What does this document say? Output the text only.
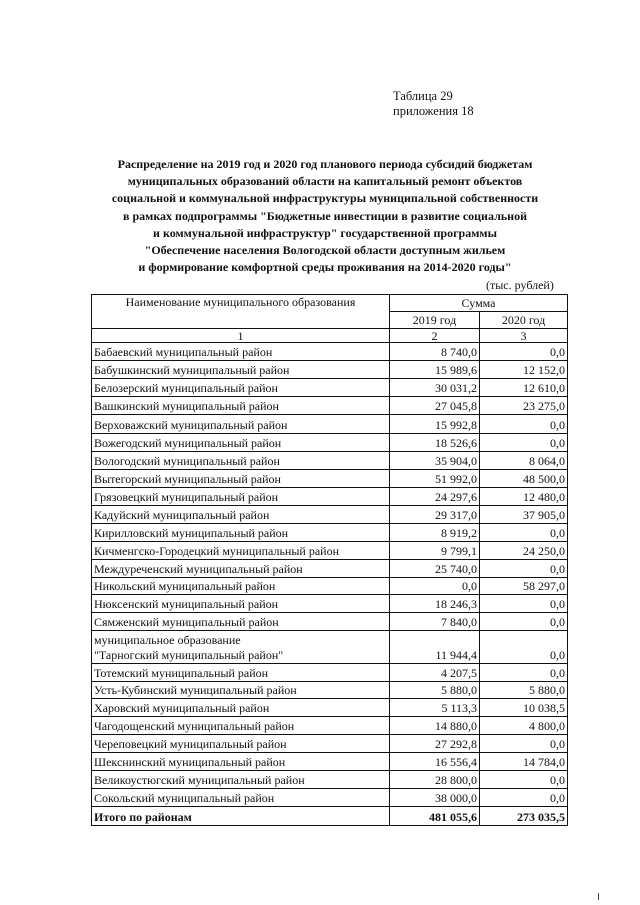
Таблица 29
приложения 18
Распределение на 2019 год и 2020 год планового периода субсидий бюджетам
муниципальных образований области на капитальный ремонт объектов
социальной и коммунальной инфраструктуры муниципальной собственности
в рамках подпрограммы "Бюджетные инвестиции в развитие социальной
и коммунальной инфраструктур" государственной программы
"Обеспечение населения Вологодской области доступным жильем
и формирование комфортной среды проживания на 2014-2020 годы"
(тыс. рублей)
Наименование муниципального образования	Сумма	
	2019 год	2020 год
1	2	3
Бабаевский муниципальный район	8 740,0	0,0
Бабушкинский муниципальный район	15 989,6	12 152,0
Белозерский муниципальный район	30 031,2	12 610,0
Вашкинский муниципальный район	27 045,8	23 275,0
Верховажский муниципальный район	15 992,8	0,0
Вожегодский муниципальный район	18 526,6	0,0
Вологодский муниципальный район	35 904,0	8 064,0
Вытегорский муниципальный район	51 992,0	48 500,0
Грязовецкий муниципальный район	24 297,6	12 480,0
Кадуйский муниципальный район	29 317,0	37 905,0
Кирилловский муниципальный район	8 919,2	0,0
Кичменгско-Городецкий муниципальный район	9 799,1	24 250,0
Междуреченский муниципальный район	25 740,0	0,0
Никольский муниципальный район	0,0	58 297,0
Нюксенский муниципальный район	18 246,3	0,0
Сямженский муниципальный район	7 840,0	0,0

муниципальное образование
"Тарногский муниципальный район"	11 944,4	0,0
Тотемский муниципальный район	4 207,5	0,0
Усть-Кубинский муниципальный район	5 880,0	5 880,0
Харовский муниципальный район	5 113,3	10 038,5
Чагодощенский муниципальный район	14 880,0	4 800,0
Череповецкий муниципальный район	27 292,8	0,0
Шекснинский муниципальный район	16 556,4	14 784,0
Великоустюгский муниципальный район	28 800,0	0,0
Сокольский муниципальный район	38 000,0	0,0
Итого по районам	481 055,6	273 035,5
